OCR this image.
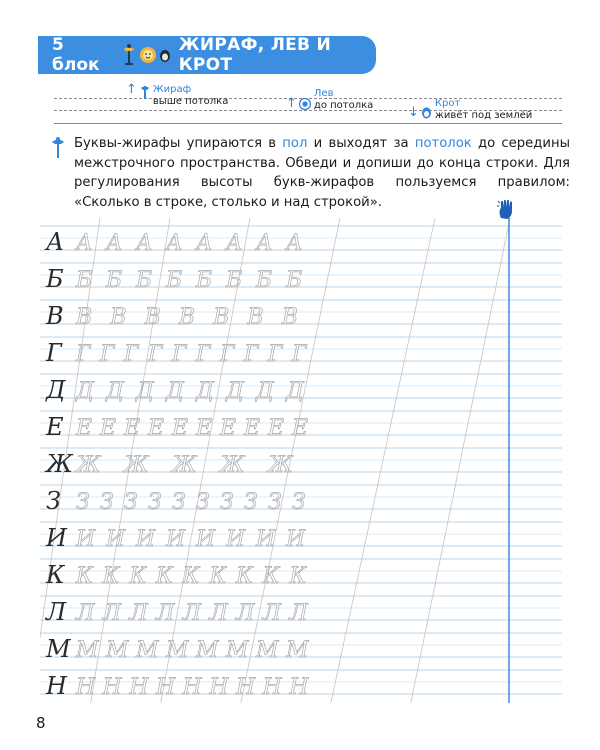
5 блок
ЖИРАФ, ЛЕВ И КРОТ
↑ Жираф
выше потолка	↑
Лев
до потолка	↓
Крот
живёт под землёй

Буквы-жирафы упираются в пол и выходят за потолок до середины межстрочного пространства. Обведи и допиши до конца строки. Для регулирования высоты букв-жирафов пользуемся правилом: «Сколько в строке, столько и над строкой».

А А А А А А А А А
Б Б Б Б Б Б Б Б Б
В В В В В В В В
Г Г Г Г Г Г Г Г Г Г Г
Д Д Д Д Д Д Д Д Д
Е Е Е Е Е Е Е Е Е Е Е
Ж Ж Ж Ж Ж Ж
З З З З З З З З З З З
И И И И И И И И И
К К К К К К К К К К
Л Л Л Л Л Л Л Л Л Л
М М М М М М М М М
Н Н Н Н Н Н Н Н Н Н
8
